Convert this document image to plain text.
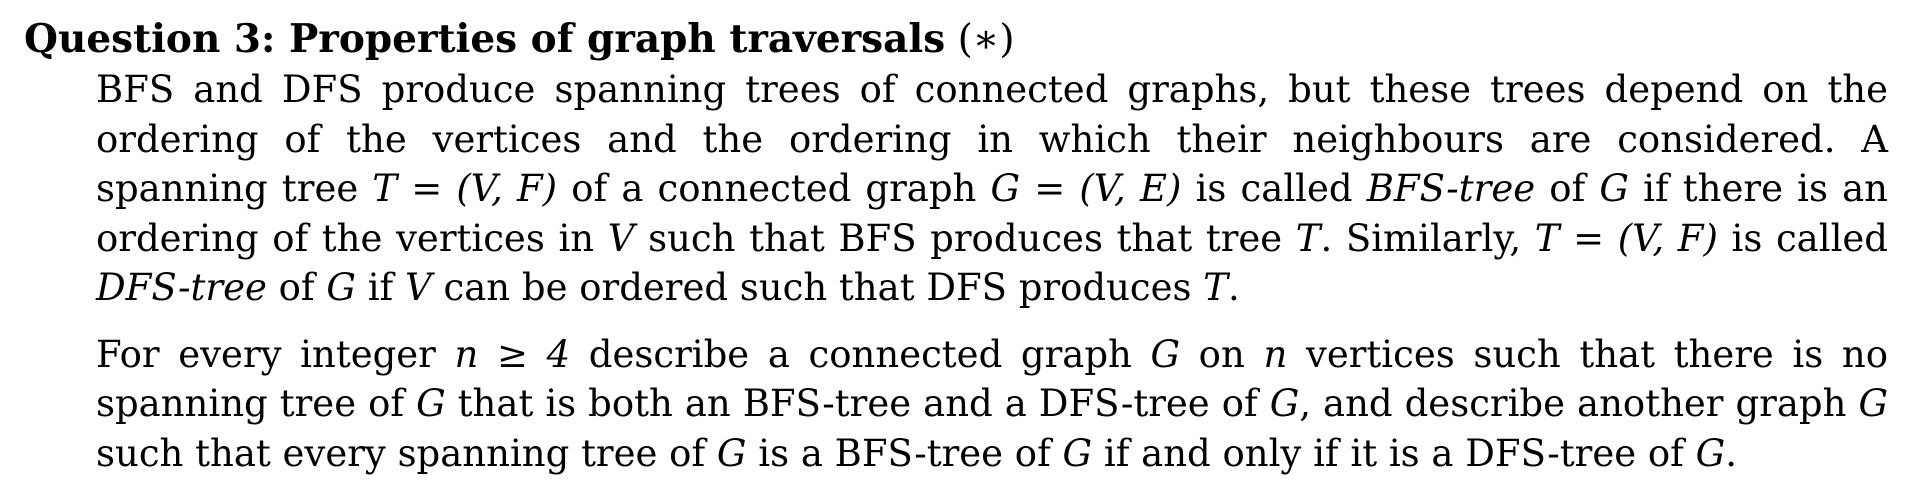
Question 3: Properties of graph traversals (∗)

BFS and DFS produce spanning trees of connected graphs, but these trees depend on the ordering of the vertices and the ordering in which their neighbours are considered. A spanning tree T = (V, F) of a connected graph G = (V, E) is called BFS-tree of G if there is an ordering of the vertices in V such that BFS produces that tree T. Similarly, T = (V, F) is called DFS-tree of G if V can be ordered such that DFS produces T.

For every integer n ≥ 4 describe a connected graph G on n vertices such that there is no spanning tree of G that is both an BFS-tree and a DFS-tree of G, and describe another graph G such that every spanning tree of G is a BFS-tree of G if and only if it is a DFS-tree of G.
